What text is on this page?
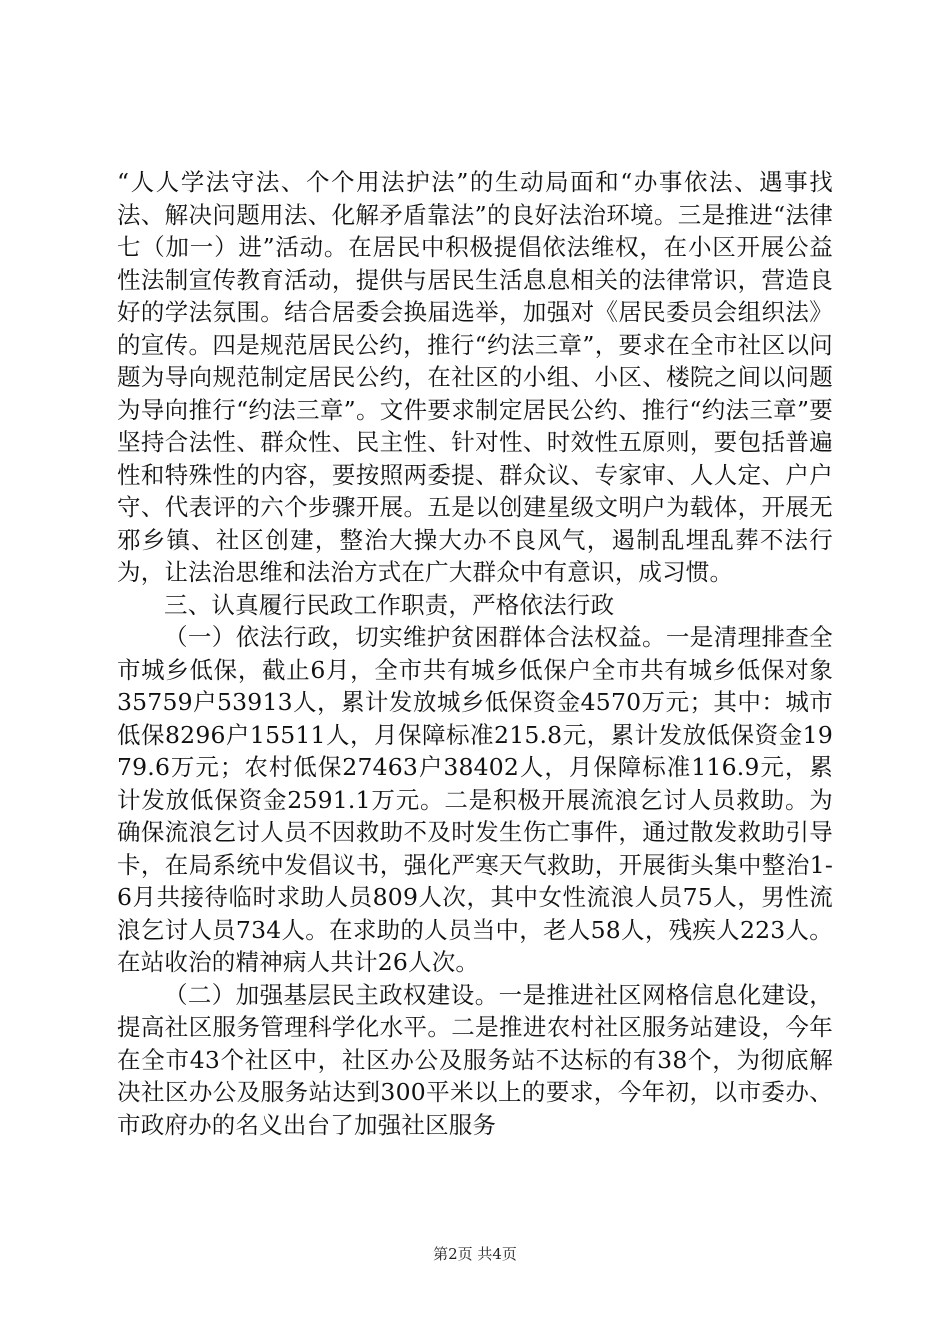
“人人学法守法、个个用法护法”的生动局面和“办事依法、遇事找法、解决问题用法、化解矛盾靠法”的良好法治环境。三是推进“法律七（加一）进”活动。在居民中积极提倡依法维权，在小区开展公益性法制宣传教育活动，提供与居民生活息息相关的法律常识，营造良好的学法氛围。结合居委会换届选举，加强对《居民委员会组织法》的宣传。四是规范居民公约，推行“约法三章”，要求在全市社区以问题为导向规范制定居民公约，在社区的小组、小区、楼院之间以问题为导向推行“约法三章”。文件要求制定居民公约、推行“约法三章”要坚持合法性、群众性、民主性、针对性、时效性五原则，要包括普遍性和特殊性的内容，要按照两委提、群众议、专家审、人人定、户户守、代表评的六个步骤开展。五是以创建星级文明户为载体，开展无邪乡镇、社区创建，整治大操大办不良风气，遏制乱埋乱葬不法行为，让法治思维和法治方式在广大群众中有意识，成习惯。

三、认真履行民政工作职责，严格依法行政

（一）依法行政，切实维护贫困群体合法权益。一是清理排查全市城乡低保，截止6月，全市共有城乡低保户全市共有城乡低保对象35759户53913人，累计发放城乡低保资金4570万元；其中：城市低保8296户15511人，月保障标准215.8元，累计发放低保资金1979.6万元；农村低保27463户38402人，月保障标准116.9元，累计发放低保资金2591.1万元。二是积极开展流浪乞讨人员救助。为确保流浪乞讨人员不因救助不及时发生伤亡事件，通过散发救助引导卡，在局系统中发倡议书，强化严寒天气救助，开展街头集中整治1-6月共接待临时求助人员809人次，其中女性流浪人员75人，男性流浪乞讨人员734人。在求助的人员当中，老人58人，残疾人223人。在站收治的精神病人共计26人次。

（二）加强基层民主政权建设。一是推进社区网格信息化建设，提高社区服务管理科学化水平。二是推进农村社区服务站建设，今年在全市43个社区中，社区办公及服务站不达标的有38个，为彻底解决社区办公及服务站达到300平米以上的要求，今年初，以市委办、市政府办的名义出台了加强社区服务

第2页 共4页
